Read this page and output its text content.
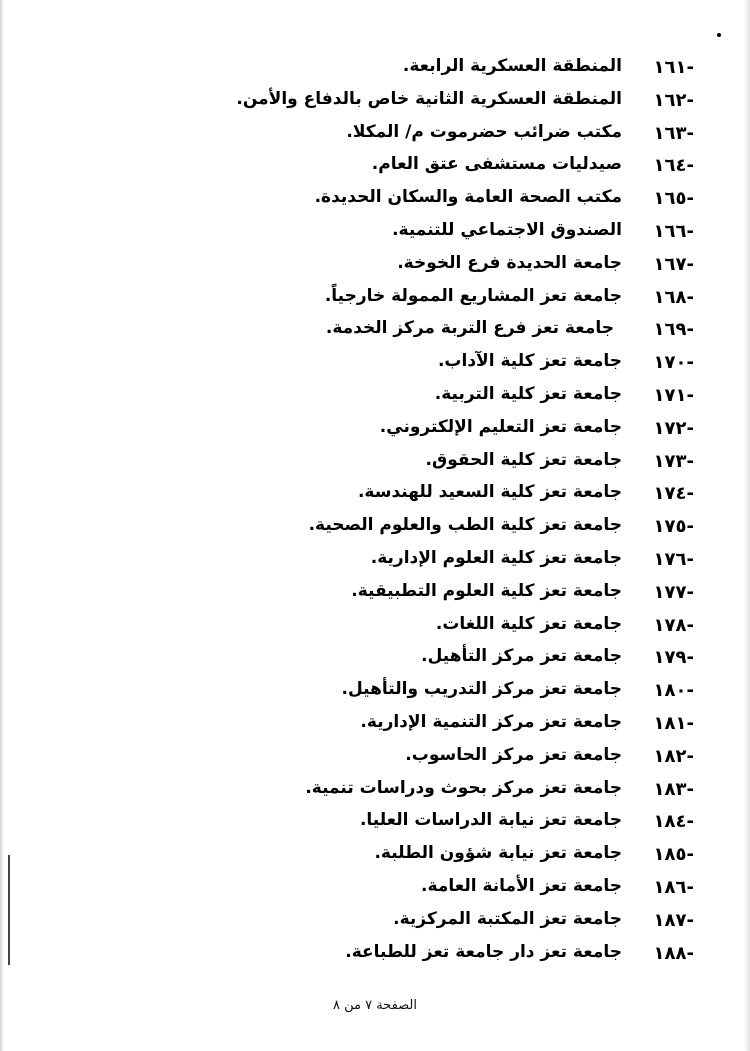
-١٦١
المنطقة العسكرية الرابعة.
-١٦٢
المنطقة العسكرية الثانية خاص بالدفاع والأمن.
-١٦٣
مكتب ضرائب حضرموت م/ المكلا.
-١٦٤
صيدليات مستشفى عتق العام.
-١٦٥
مكتب الصحة العامة والسكان الحديدة.
-١٦٦
الصندوق الاجتماعي للتنمية.
-١٦٧
جامعة الحديدة فرع الخوخة.
-١٦٨
جامعة تعز المشاريع الممولة خارجياً.
-١٦٩
جامعة تعز فرع التربة مركز الخدمة.
-١٧٠
جامعة تعز كلية الآداب.
-١٧١
جامعة تعز كلية التربية.
-١٧٢
جامعة تعز التعليم الإلكتروني.
-١٧٣
جامعة تعز كلية الحقوق.
-١٧٤
جامعة تعز كلية السعيد للهندسة.
-١٧٥
جامعة تعز كلية الطب والعلوم الصحية.
-١٧٦
جامعة تعز كلية العلوم الإدارية.
-١٧٧
جامعة تعز كلية العلوم التطبيقية.
-١٧٨
جامعة تعز كلية اللغات.
-١٧٩
جامعة تعز مركز التأهيل.
-١٨٠
جامعة تعز مركز التدريب والتأهيل.
-١٨١
جامعة تعز مركز التنمية الإدارية.
-١٨٢
جامعة تعز مركز الحاسوب.
-١٨٣
جامعة تعز مركز بحوث ودراسات تنمية.
-١٨٤
جامعة تعز نيابة الدراسات العليا.
-١٨٥
جامعة تعز نيابة شؤون الطلبة.
-١٨٦
جامعة تعز الأمانة العامة.
-١٨٧
جامعة تعز المكتبة المركزية.
-١٨٨
جامعة تعز دار جامعة تعز للطباعة.
الصفحة ٧ من ٨
